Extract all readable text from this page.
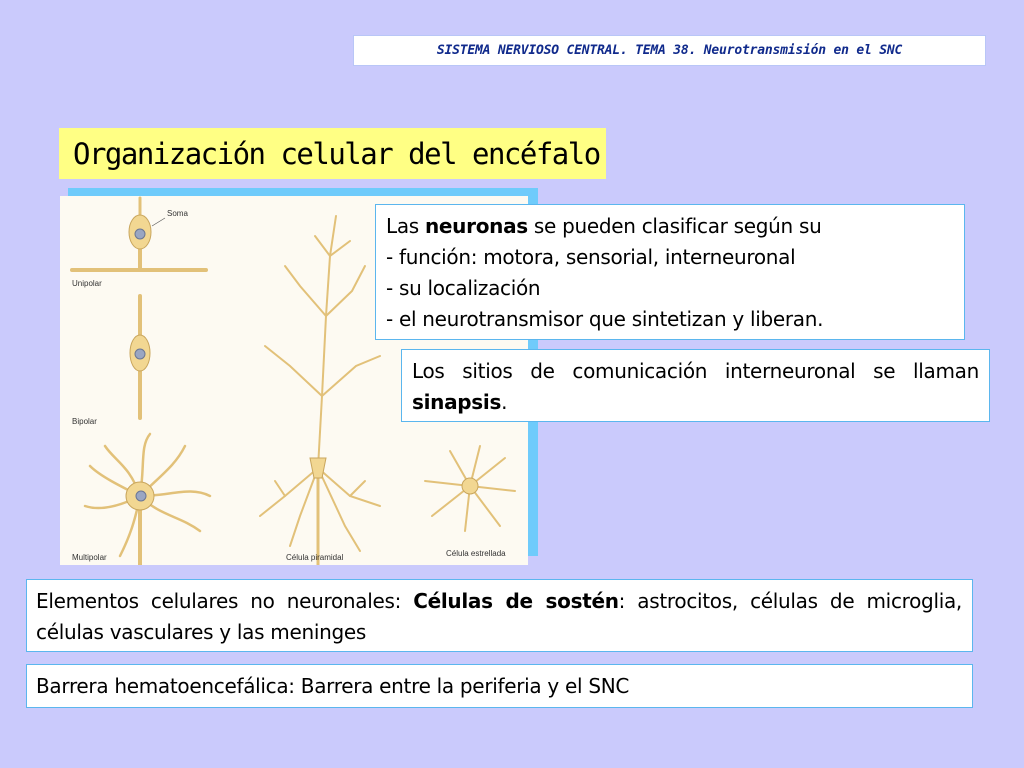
SISTEMA NERVIOSO CENTRAL. TEMA 38. Neurotransmisión en el SNC
Organización celular del encéfalo
Soma
Unipolar
Bipolar
Multipolar	Célula piramidal	Célula estrellada
Las neuronas se pueden clasificar según su
- función: motora, sensorial, interneuronal
- su localización
- el neurotransmisor que sintetizan y liberan.
Los sitios de comunicación interneuronal se llaman sinapsis.
Elementos celulares no neuronales: Células de sostén: astrocitos, células de microglia, células vasculares y las meninges
Barrera hematoencefálica: Barrera entre la periferia y el SNC
